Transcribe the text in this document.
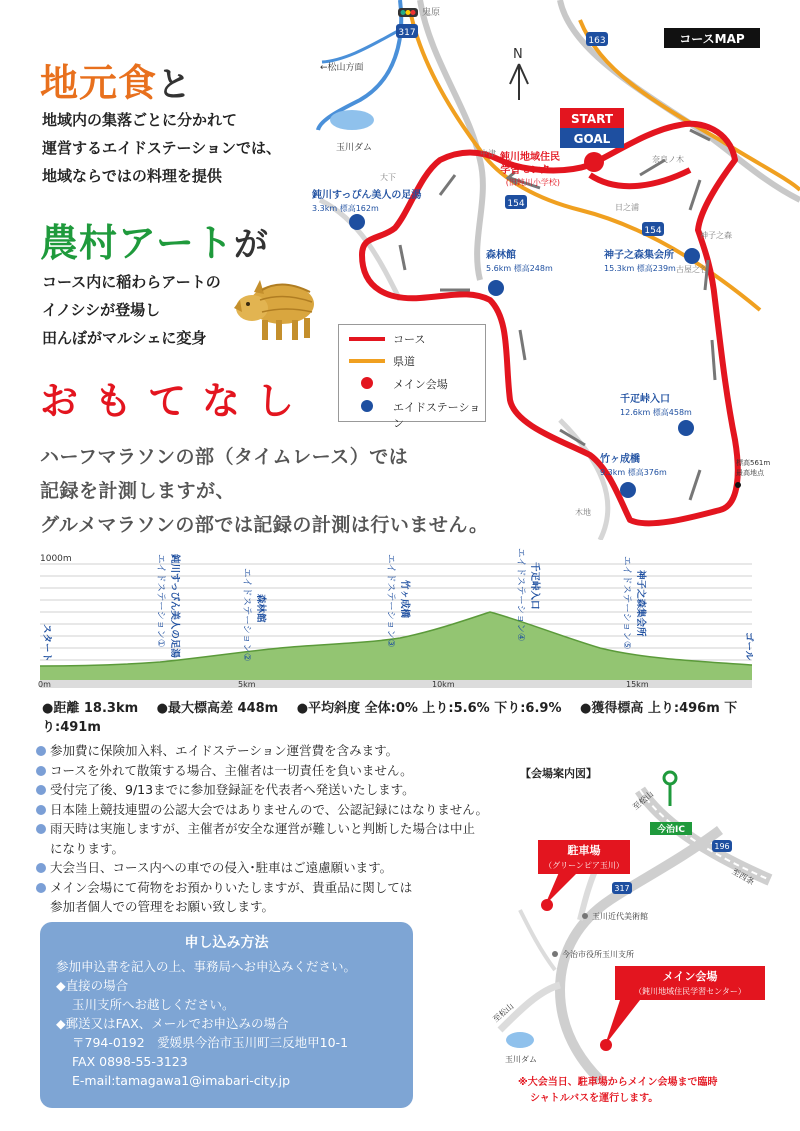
地元食と
地域内の集落ごとに分かれて
運営するエイドステーションでは、
地域ならではの料理を提供
農村アートが
コース内に稲わらアートの
イノシシが登場し
田んぼがマルシェに変身
おもてなし
ハーフマラソンの部（タイムレース）では
記録を計測しますが、
グルメマラソンの部では記録の計測は行いません。
317
163
154
154
鬼原
←松山方面
玉川ダム
大下
中津
奈良ノ木
日之浦
神子之森
古屋之谷
木地
N
コースMAP
START
GOAL
鈍川地域住民
学習センター
(旧鈍川小学校)
鈍川すっぴん美人の足湯
3.3km 標高162m
森林館
5.6km 標高248m
神子之森集会所
15.3km 標高239m
千疋峠入口
12.6km 標高458m
竹ヶ成橋
9.3km 標高376m
標高561m
最高地点
コース
県道
メイン会場
エイドステーション
1000m
0m	5km	10km	15km
スタート	ゴール
鈍川すっぴん美人の足湯
エイドステーション①	森林館
エイドステーション②	竹ヶ成橋
エイドステーション③	千疋峠入口
エイドステーション④	神子之森集会所
エイドステーション⑤
●距離 18.3km ●最大標高差 448m ●平均斜度 全体:0% 上り:5.6% 下り:6.9% ●獲得標高 上り:496m 下り:491m
参加費に保険加入料、エイドステーション運営費を含みます。
コースを外れて散策する場合、主催者は一切責任を負いません。
受付完了後、9/13までに参加登録証を代表者へ発送いたします。
日本陸上競技連盟の公認大会ではありませんので、公認記録にはなりません。
雨天時は実施しますが、主催者が安全な運営が難しいと判断した場合は中止
になります。
大会当日、コース内への車での侵入･駐車はご遠慮願います。
メイン会場にて荷物をお預かりいたしますが、貴重品に関しては
参加者個人での管理をお願い致します。
申し込み方法
参加申込書を記入の上、事務局へお申込みください。
◆直接の場合
玉川支所へお越しください。
◆郵送又はFAX、メールでお申込みの場合
〒794-0192　愛媛県今治市玉川町三反地甲10-1
FAX 0898-55-3123
E-mail:tamagawa1@imabari-city.jp
【会場案内図】
今治IC
至松山
196
至西条
317
駐車場
（グリーンピア玉川）
玉川近代美術館
今治市役所玉川支所
至松山
メイン会場
（鈍川地域住民学習センター）
玉川ダム
※大会当日、駐車場からメイン会場まで臨時
シャトルバスを運行します。
